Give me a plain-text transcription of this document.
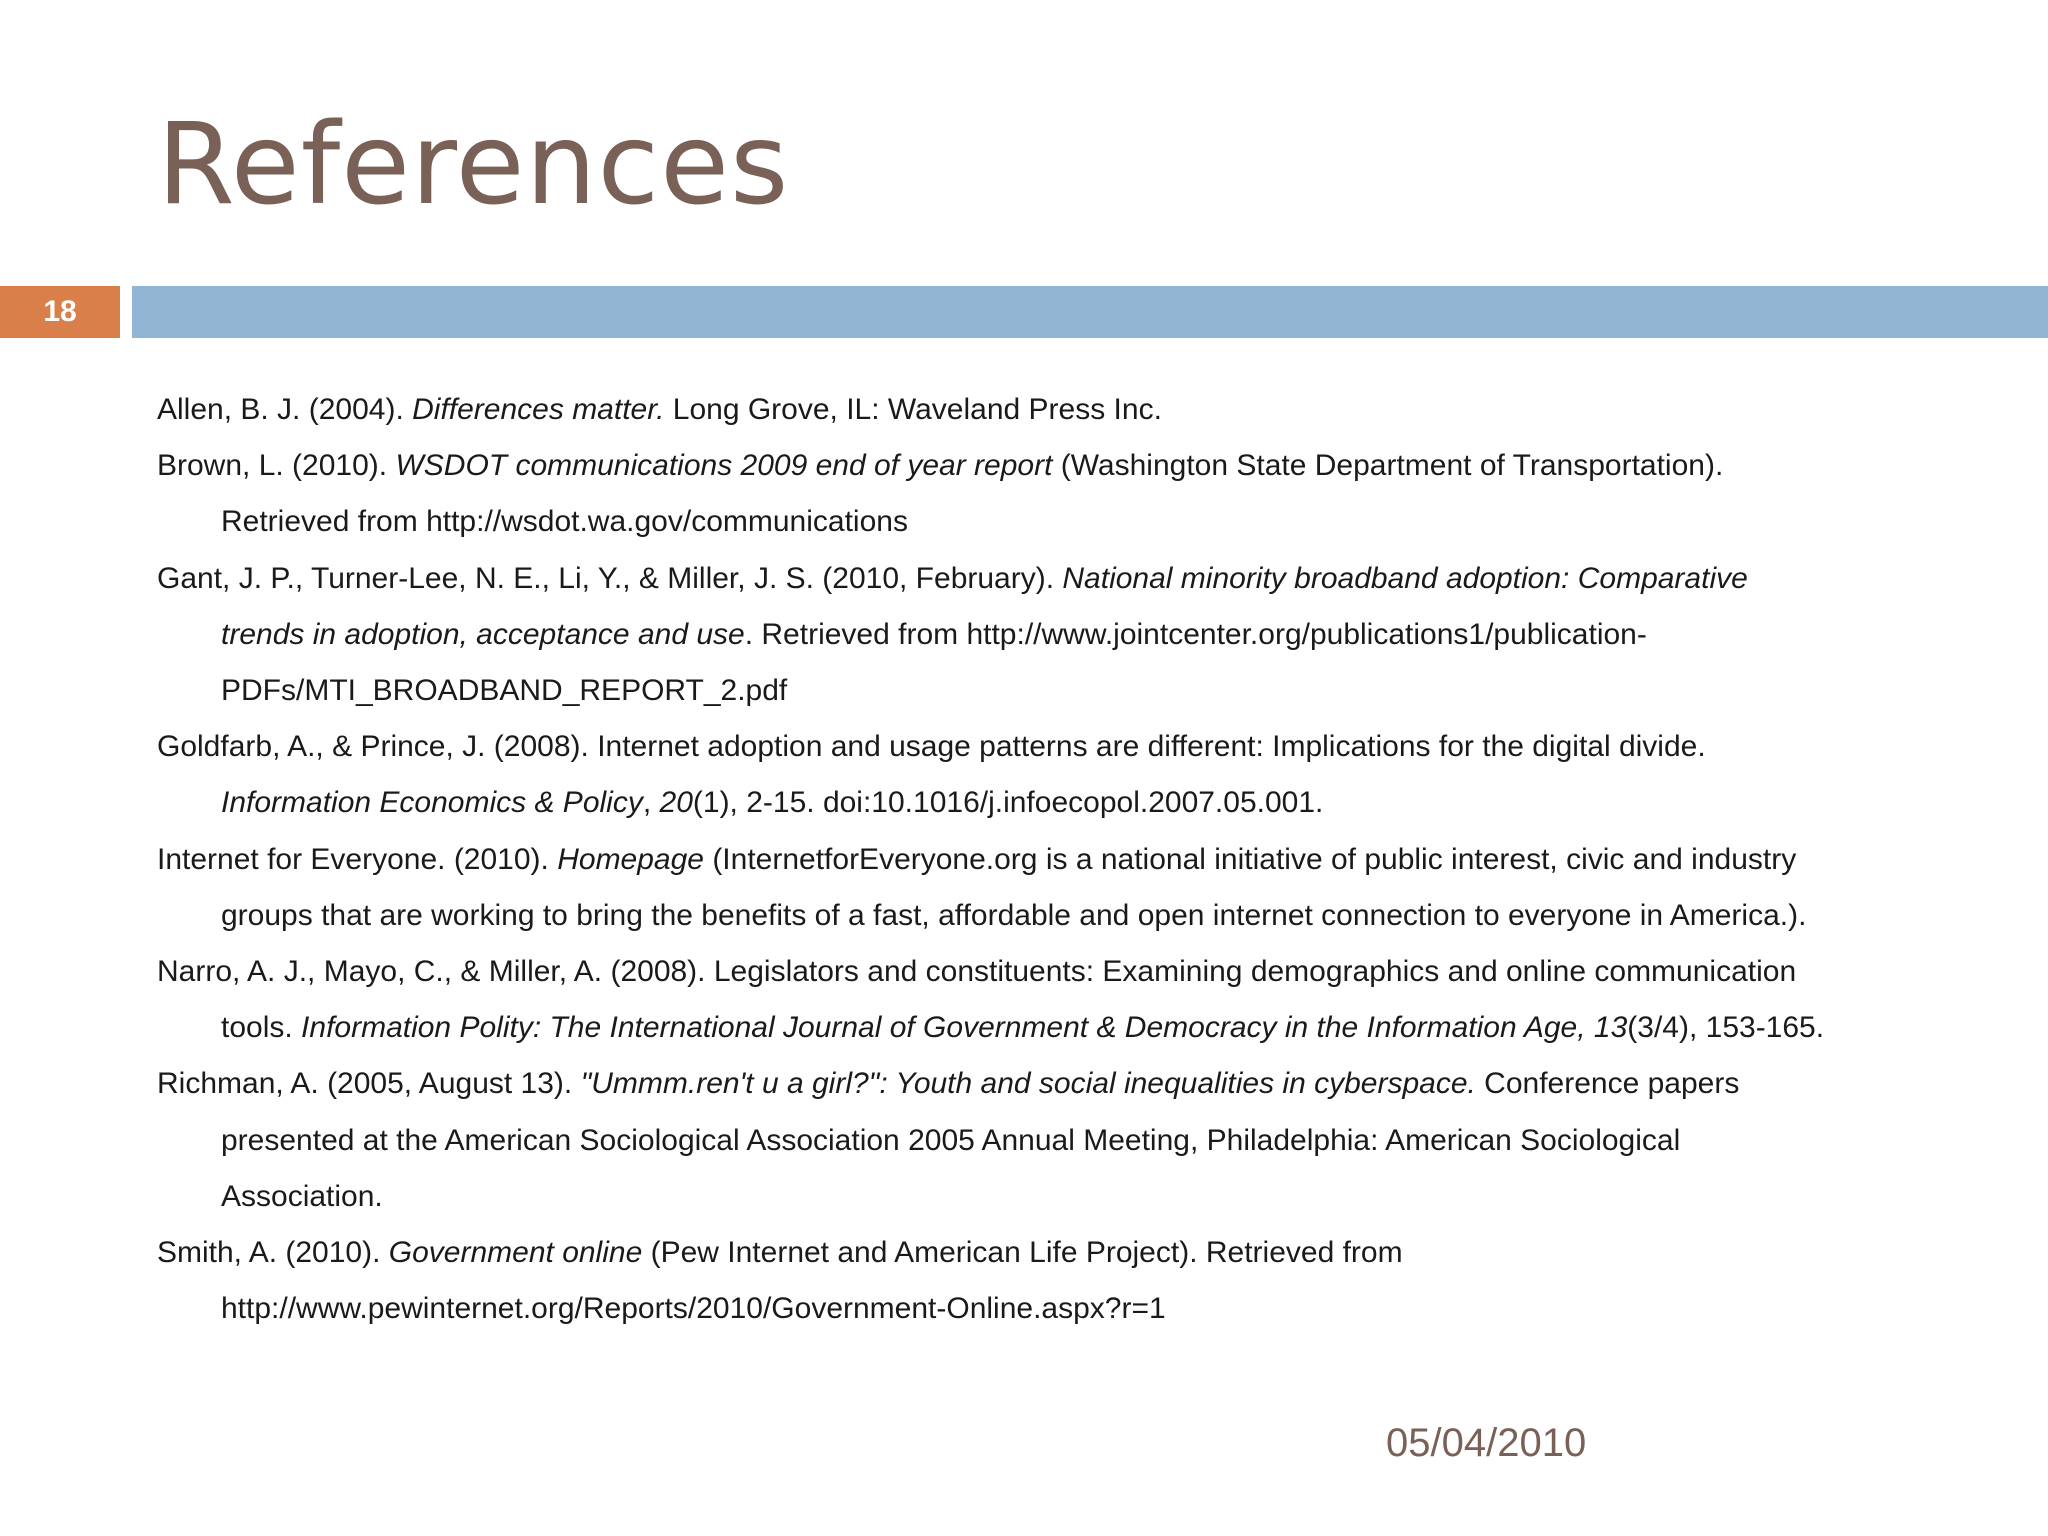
References
18

Allen, B. J. (2004). Differences matter. Long Grove, IL: Waveland Press Inc.

Brown, L. (2010). WSDOT communications 2009 end of year report (Washington State Department of Transportation).
Retrieved from http://wsdot.wa.gov/communications

Gant, J. P., Turner-Lee, N. E., Li, Y., & Miller, J. S. (2010, February). National minority broadband adoption: Comparative
trends in adoption, acceptance and use. Retrieved from http://www.jointcenter.org/publications1/publication-
PDFs/MTI_BROADBAND_REPORT_2.pdf

Goldfarb, A., & Prince, J. (2008). Internet adoption and usage patterns are different: Implications for the digital divide.
Information Economics & Policy, 20(1), 2-15. doi:10.1016/j.infoecopol.2007.05.001.

Internet for Everyone. (2010). Homepage (InternetforEveryone.org is a national initiative of public interest, civic and industry
groups that are working to bring the benefits of a fast, affordable and open internet connection to everyone in America.).

Narro, A. J., Mayo, C., & Miller, A. (2008). Legislators and constituents: Examining demographics and online communication
tools. Information Polity: The International Journal of Government & Democracy in the Information Age, 13(3/4), 153-165.

Richman, A. (2005, August 13). "Ummm.ren't u a girl?": Youth and social inequalities in cyberspace. Conference papers
presented at the American Sociological Association 2005 Annual Meeting, Philadelphia: American Sociological
Association.

Smith, A. (2010). Government online (Pew Internet and American Life Project). Retrieved from
http://www.pewinternet.org/Reports/2010/Government-Online.aspx?r=1

05/04/2010
